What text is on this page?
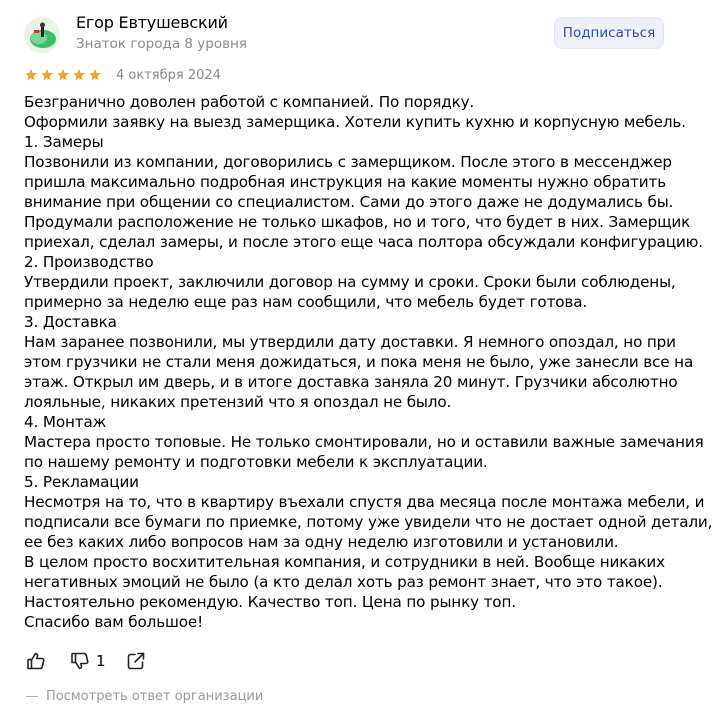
Егор Евтушевский
Знаток города 8 уровня
Подписаться
4 октября 2024
Безгранично доволен работой с компанией. По порядку.
Оформили заявку на выезд замерщика. Хотели купить кухню и корпусную мебель.
1. Замеры
Позвонили из компании, договорились с замерщиком. После этого в мессенджер
пришла максимально подробная инструкция на какие моменты нужно обратить
внимание при общении со специалистом. Сами до этого даже не додумались бы.
Продумали расположение не только шкафов, но и того, что будет в них. Замерщик
приехал, сделал замеры, и после этого еще часа полтора обсуждали конфигурацию.
2. Производство
Утвердили проект, заключили договор на сумму и сроки. Сроки были соблюдены,
примерно за неделю еще раз нам сообщили, что мебель будет готова.
3. Доставка
Нам заранее позвонили, мы утвердили дату доставки. Я немного опоздал, но при
этом грузчики не стали меня дожидаться, и пока меня не было, уже занесли все на
этаж. Открыл им дверь, и в итоге доставка заняла 20 минут. Грузчики абсолютно
лояльные, никаких претензий что я опоздал не было.
4. Монтаж
Мастера просто топовые. Не только смонтировали, но и оставили важные замечания
по нашему ремонту и подготовки мебели к эксплуатации.
5. Рекламации
Несмотря на то, что в квартиру въехали спустя два месяца после монтажа мебели, и
подписали все бумаги по приемке, потому уже увидели что не достает одной детали,
ее без каких либо вопросов нам за одну неделю изготовили и установили.
В целом просто восхитительная компания, и сотрудники в ней. Вообще никаких
негативных эмоций не было (а кто делал хоть раз ремонт знает, что это такое).
Настоятельно рекомендую. Качество топ. Цена по рынку топ.
Спасибо вам большое!
1
Посмотреть ответ организации
